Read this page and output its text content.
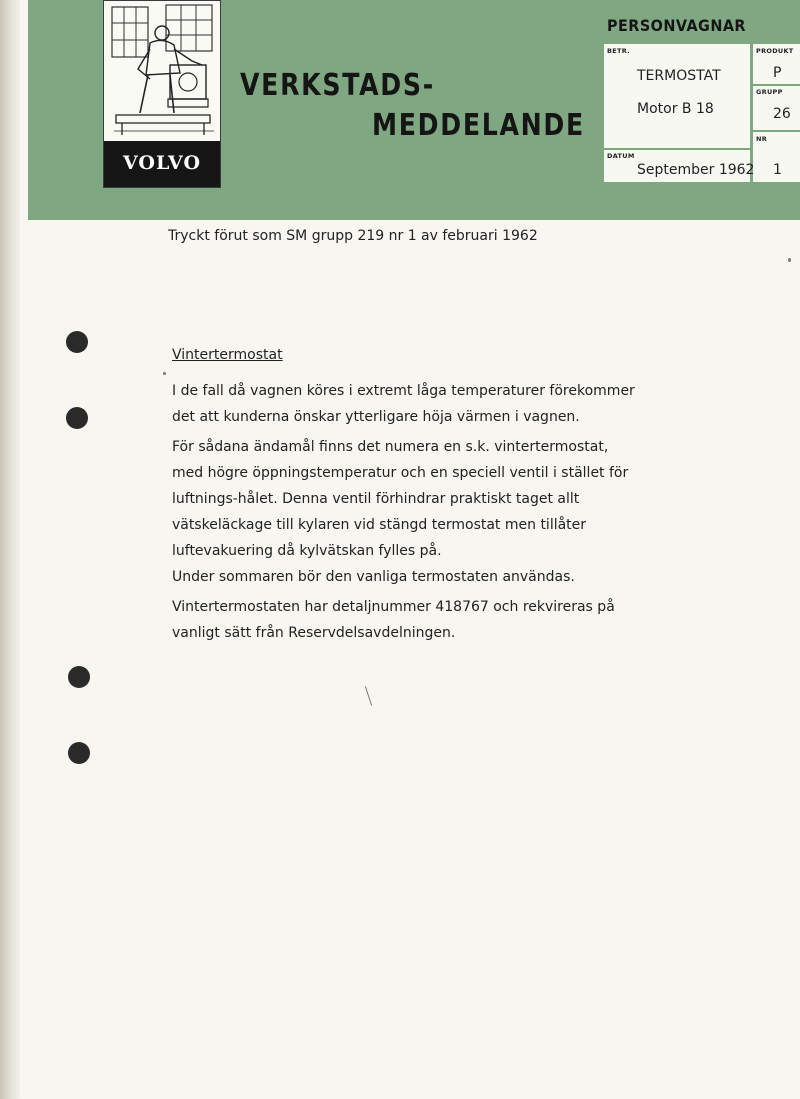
VOLVO
VERKSTADS-
MEDDELANDE
PERSONVAGNAR
BETR.
TERMOSTAT
Motor B 18
PRODUKT
P
GRUPP
26
NR
1
DATUM
September 1962
Tryckt förut som SM grupp 219 nr 1 av februari 1962
Vintertermostat

I de fall då vagnen köres i extremt låga temperaturer förekommer det att kunderna önskar ytterligare höja värmen i vagnen.

För sådana ändamål finns det numera en s.k. vintertermostat, med högre öppningstemperatur och en speciell ventil i stället för luftnings-hålet. Denna ventil förhindrar praktiskt taget allt vätskeläckage till kylaren vid stängd termostat men tillåter luftevakuering då kylvätskan fylles på.

Under sommaren bör den vanliga termostaten användas.

Vintertermostaten har detaljnummer 418767 och rekvireras på vanligt sätt från Reservdelsavdelningen.
